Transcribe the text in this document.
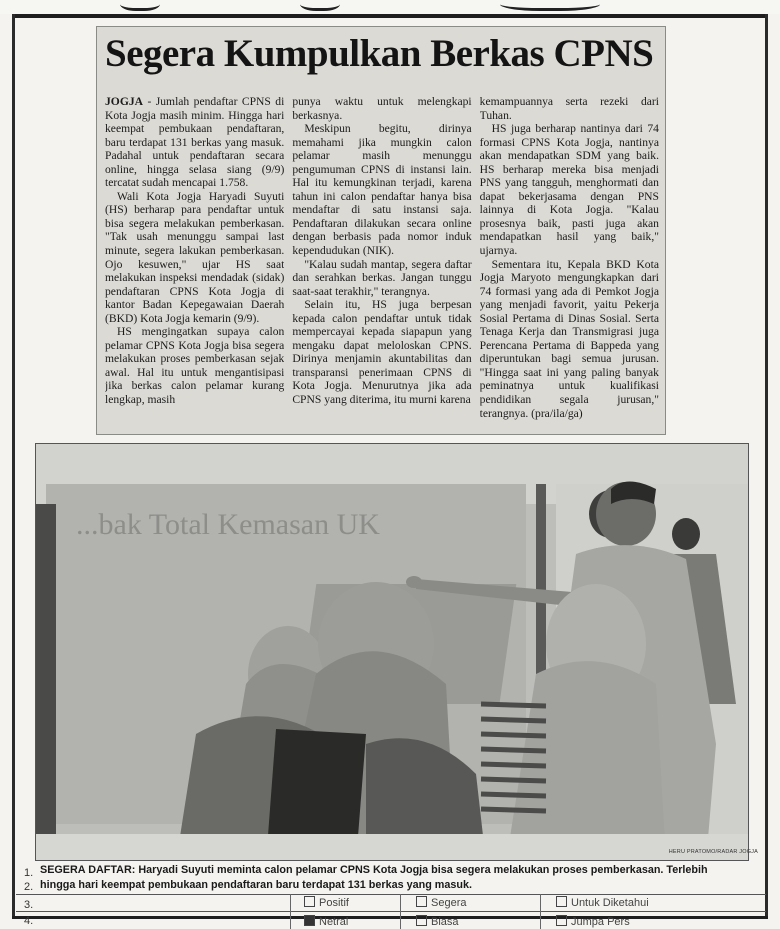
Segera Kumpulkan Berkas CPNS

JOGJA - Jumlah pendaftar CPNS di Kota Jogja masih minim. Hingga hari keempat pembukaan pendaftaran, baru terdapat 131 berkas yang masuk. Padahal untuk pendaftaran secara online, hingga selasa siang (9/9) tercatat sudah mencapai 1.758.

Wali Kota Jogja Haryadi Suyuti (HS) berharap para pendaftar untuk bisa segera melakukan pemberkasan. "Tak usah menunggu sampai last minute, segera lakukan pemberkasan. Ojo kesuwen," ujar HS saat melakukan inspeksi mendadak (sidak) pendaftaran CPNS Kota Jogja di kantor Badan Kepegawaian Daerah (BKD) Kota Jogja kemarin (9/9).

HS mengingatkan supaya calon pelamar CPNS Kota Jogja bisa segera melakukan proses pemberkasan sejak awal. Hal itu untuk mengantisipasi jika berkas calon pelamar kurang lengkap, masih

punya waktu untuk melengkapi berkasnya.

Meskipun begitu, dirinya memahami jika mungkin calon pelamar masih menunggu pengumuman CPNS di instansi lain. Hal itu kemungkinan terjadi, karena tahun ini calon pendaftar hanya bisa mendaftar di satu instansi saja. Pendaftaran dilakukan secara online dengan berbasis pada nomor induk kependudukan (NIK).

"Kalau sudah mantap, segera daftar dan serahkan berkas. Jangan tunggu saat-saat terakhir," terangnya.

Selain itu, HS juga berpesan kepada calon pendaftar untuk tidak mempercayai kepada siapapun yang mengaku dapat meloloskan CPNS. Dirinya menjamin akuntabilitas dan transparansi penerimaan CPNS di Kota Jogja. Menurutnya jika ada CPNS yang diterima, itu murni karena

kemampuannya serta rezeki dari Tuhan.

HS juga berharap nantinya dari 74 formasi CPNS Kota Jogja, nantinya akan mendapatkan SDM yang baik. HS berharap mereka bisa menjadi PNS yang tangguh, menghormati dan dapat bekerjasama dengan PNS lainnya di Kota Jogja. "Kalau prosesnya baik, pasti juga akan mendapatkan hasil yang baik," ujarnya.

Sementara itu, Kepala BKD Kota Jogja Maryoto mengungkapkan dari 74 formasi yang ada di Pemkot Jogja yang menjadi favorit, yaitu Pekerja Sosial Pertama di Dinas Sosial. Serta Tenaga Kerja dan Transmigrasi juga Perencana Pertama di Bappeda yang diperuntukan bagi semua jurusan. "Hingga saat ini yang paling banyak peminatnya untuk kualifikasi pendidikan segala jurusan," terangnya. (pra/ila/ga)

...bak Total Kemasan UK
HERU PRATOMO/RADAR JOGJA
1.
2.
3.
4.
SEGERA DAFTAR: Haryadi Suyuti meminta calon pelamar CPNS Kota Jogja bisa segera melakukan proses pemberkasan. Terlebih hingga hari keempat pembukaan pendaftaran baru terdapat 131 berkas yang masuk.
Positif
Netral
Segera
Biasa
Untuk Diketahui
Jumpa Pers
